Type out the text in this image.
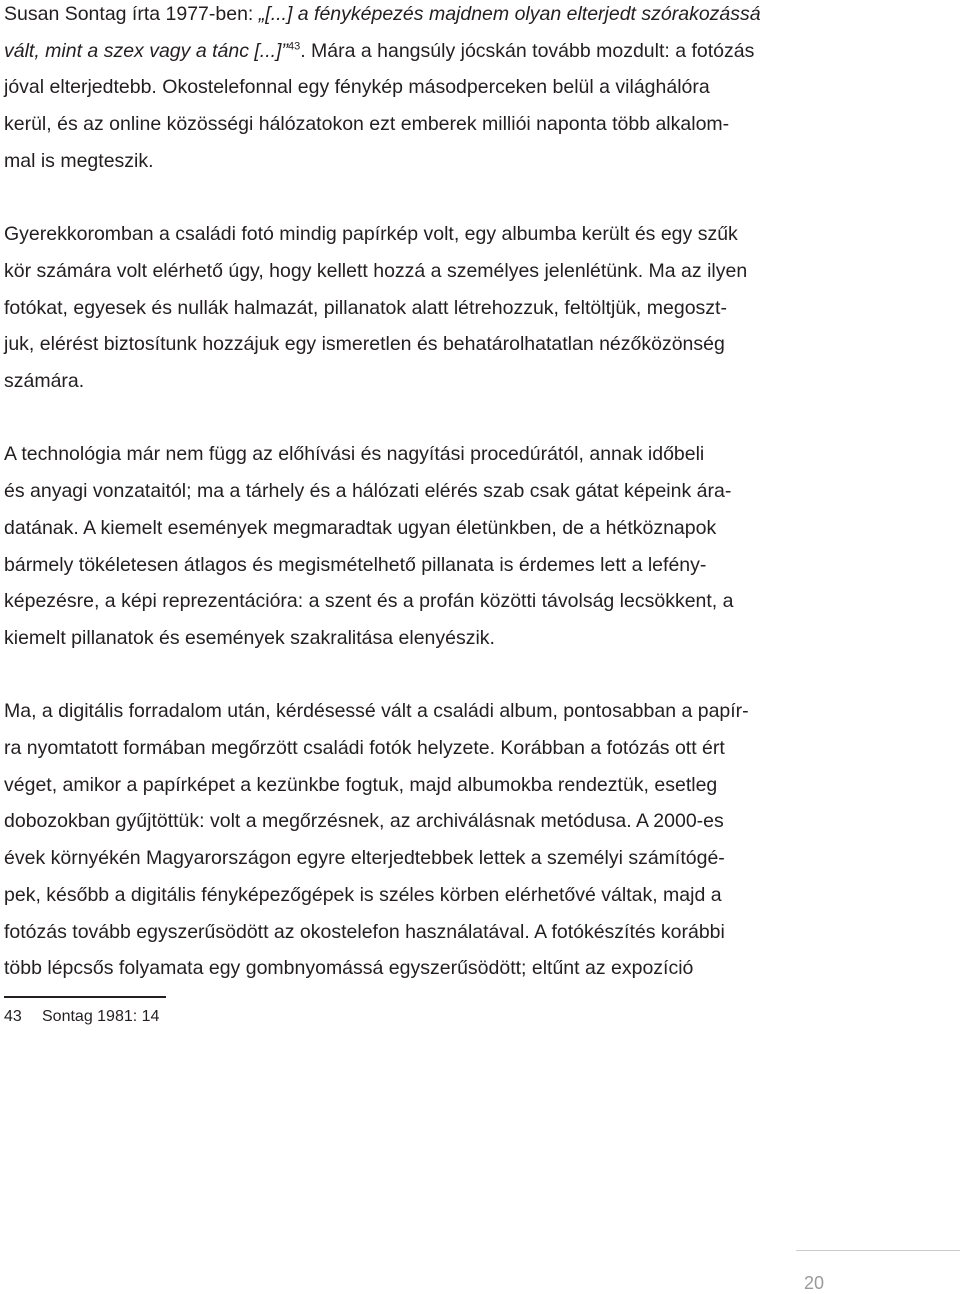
Susan Sontag írta 1977-ben: „[...] a fényképezés majdnem olyan elterjedt szórakozássá
vált, mint a szex vagy a tánc [...]”$^{43}$. Mára a hangsúly jócskán tovább mozdult: a fotózás
jóval elterjedtebb. Okostelefonnal egy fénykép másodperceken belül a világhálóra
kerül, és az online közösségi hálózatokon ezt emberek milliói naponta több alkalom-
mal is megteszik.

Gyerekkoromban a családi fotó mindig papírkép volt, egy albumba került és egy szűk
kör számára volt elérhető úgy, hogy kellett hozzá a személyes jelenlétünk. Ma az ilyen
fotókat, egyesek és nullák halmazát, pillanatok alatt létrehozzuk, feltöltjük, megoszt-
juk, elérést biztosítunk hozzájuk egy ismeretlen és behatárolhatatlan nézőközönség
számára.

A technológia már nem függ az előhívási és nagyítási procedúrától, annak időbeli
és anyagi vonzataitól; ma a tárhely és a hálózati elérés szab csak gátat képeink ára-
datának. A kiemelt események megmaradtak ugyan életünkben, de a hétköznapok
bármely tökéletesen átlagos és megismételhető pillanata is érdemes lett a lefény-
képezésre, a képi reprezentációra: a szent és a profán közötti távolság lecsökkent, a
kiemelt pillanatok és események szakralitása elenyészik.

Ma, a digitális forradalom után, kérdésessé vált a családi album, pontosabban a papír-
ra nyomtatott formában megőrzött családi fotók helyzete. Korábban a fotózás ott ért
véget, amikor a papírképet a kezünkbe fogtuk, majd albumokba rendeztük, esetleg
dobozokban gyűjtöttük: volt a megőrzésnek, az archiválásnak metódusa. A 2000-es
évek környékén Magyarországon egyre elterjedtebbek lettek a személyi számítógé-
pek, később a digitális fényképezőgépek is széles körben elérhetővé váltak, majd a
fotózás tovább egyszerűsödött az okostelefon használatával. A fotókészítés korábbi
több lépcsős folyamata egy gombnyomássá egyszerűsödött; eltűnt az expozíció

43 Sontag 1981: 14
20
